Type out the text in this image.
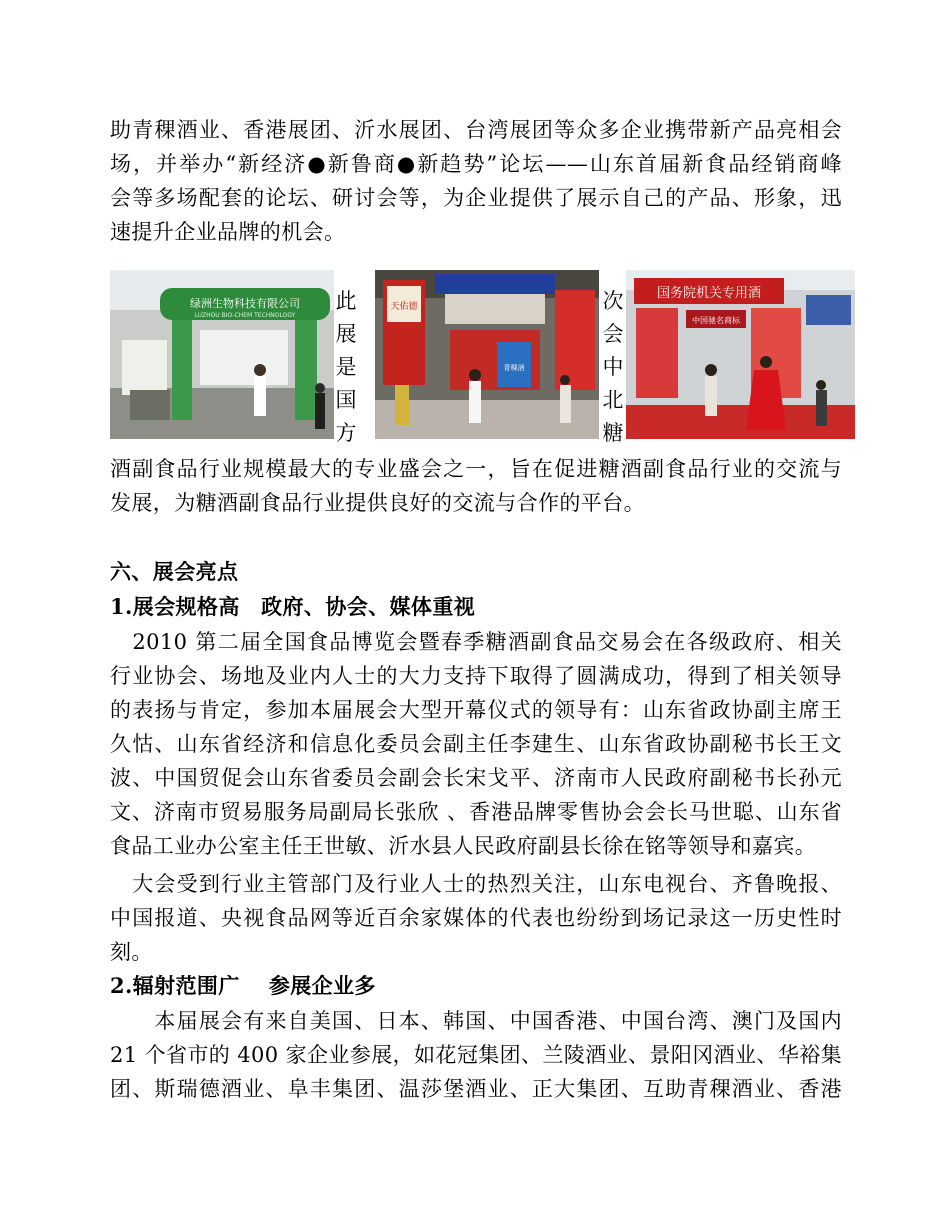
助青稞酒业、香港展团、沂水展团、台湾展团等众多企业携带新产品亮相会
场，并举办“新经济●新鲁商●新趋势”论坛——山东首届新食品经销商峰
会等多场配套的论坛、研讨会等，为企业提供了展示自己的产品、形象，迅
速提升企业品牌的机会。
绿洲生物科技有限公司
LUZHOU BIO-CHEM TECHNOLOGY
此
展
是
国
方
天佑德
青稞酒
次
会
中
北
糖
国务院机关专用酒
中国驰名商标
酒副食品行业规模最大的专业盛会之一，旨在促进糖酒副食品行业的交流与
发展，为糖酒副食品行业提供良好的交流与合作的平台。
六、展会亮点
1.展会规格高　政府、协会、媒体重视
　2010 第二届全国食品博览会暨春季糖酒副食品交易会在各级政府、相关
行业协会、场地及业内人士的大力支持下取得了圆满成功，得到了相关领导
的表扬与肯定，参加本届展会大型开幕仪式的领导有：山东省政协副主席王
久怙、山东省经济和信息化委员会副主任李建生、山东省政协副秘书长王文
波、中国贸促会山东省委员会副会长宋戈平、济南市人民政府副秘书长孙元
文、济南市贸易服务局副局长张欣 、香港品牌零售协会会长马世聪、山东省
食品工业办公室主任王世敏、沂水县人民政府副县长徐在铭等领导和嘉宾。
　大会受到行业主管部门及行业人士的热烈关注，山东电视台、齐鲁晚报、
中国报道、央视食品网等近百余家媒体的代表也纷纷到场记录这一历史性时
刻。
2.辐射范围广　 参展企业多
　　本届展会有来自美国、日本、韩国、中国香港、中国台湾、澳门及国内
21 个省市的 400 家企业参展，如花冠集团、兰陵酒业、景阳冈酒业、华裕集
团、斯瑞德酒业、阜丰集团、温莎堡酒业、正大集团、互助青稞酒业、香港
